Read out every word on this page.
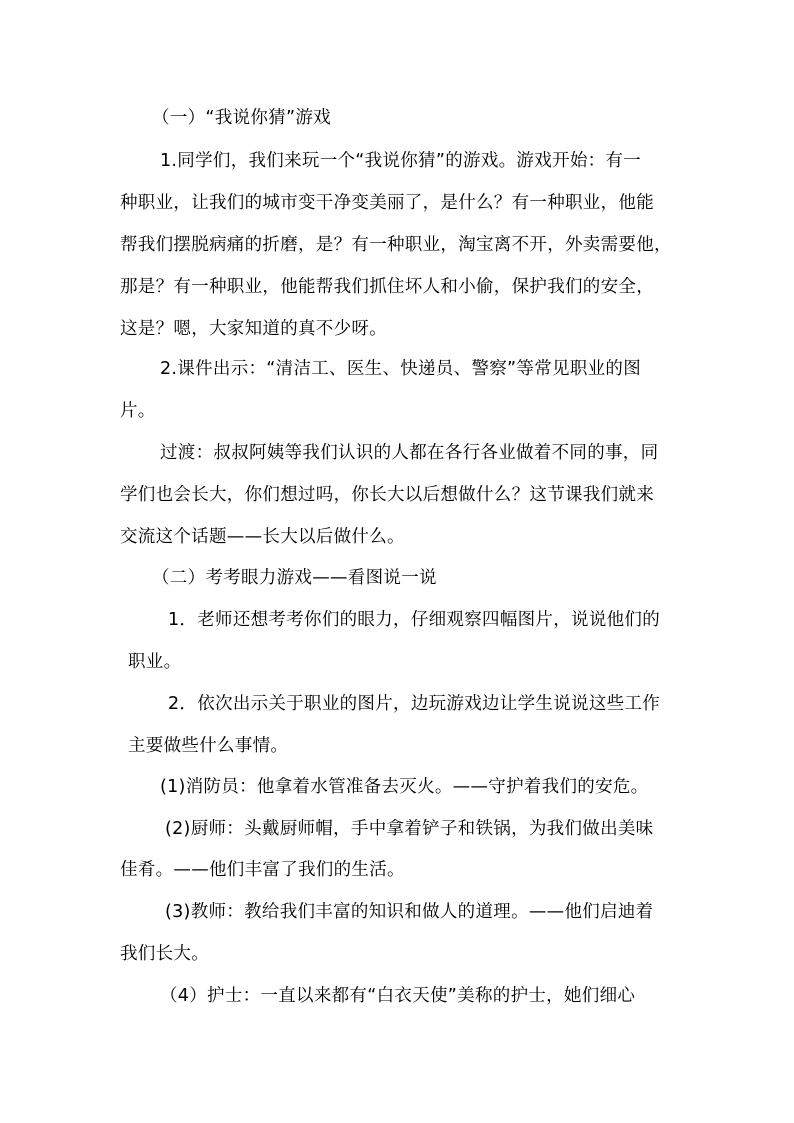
（一）“我说你猜”游戏

1.同学们，我们来玩一个“我说你猜”的游戏。游戏开始：有一

种职业，让我们的城市变干净变美丽了，是什么？有一种职业，他能

帮我们摆脱病痛的折磨，是？有一种职业，淘宝离不开，外卖需要他，

那是？有一种职业，他能帮我们抓住坏人和小偷，保护我们的安全，

这是？嗯，大家知道的真不少呀。

2.课件出示：“清洁工、医生、快递员、警察”等常见职业的图

片。

过渡：叔叔阿姨等我们认识的人都在各行各业做着不同的事，同

学们也会长大，你们想过吗，你长大以后想做什么？这节课我们就来

交流这个话题——长大以后做什么。

（二）考考眼力游戏——看图说一说

1．老师还想考考你们的眼力，仔细观察四幅图片，说说他们的

职业。

2．依次出示关于职业的图片，边玩游戏边让学生说说这些工作

主要做些什么事情。

(1)消防员：他拿着水管准备去灭火。——守护着我们的安危。

(2)厨师：头戴厨师帽，手中拿着铲子和铁锅，为我们做出美味

佳肴。——他们丰富了我们的生活。

(3)教师：教给我们丰富的知识和做人的道理。——他们启迪着

我们长大。

（4）护士：一直以来都有“白衣天使”美称的护士，她们细心
